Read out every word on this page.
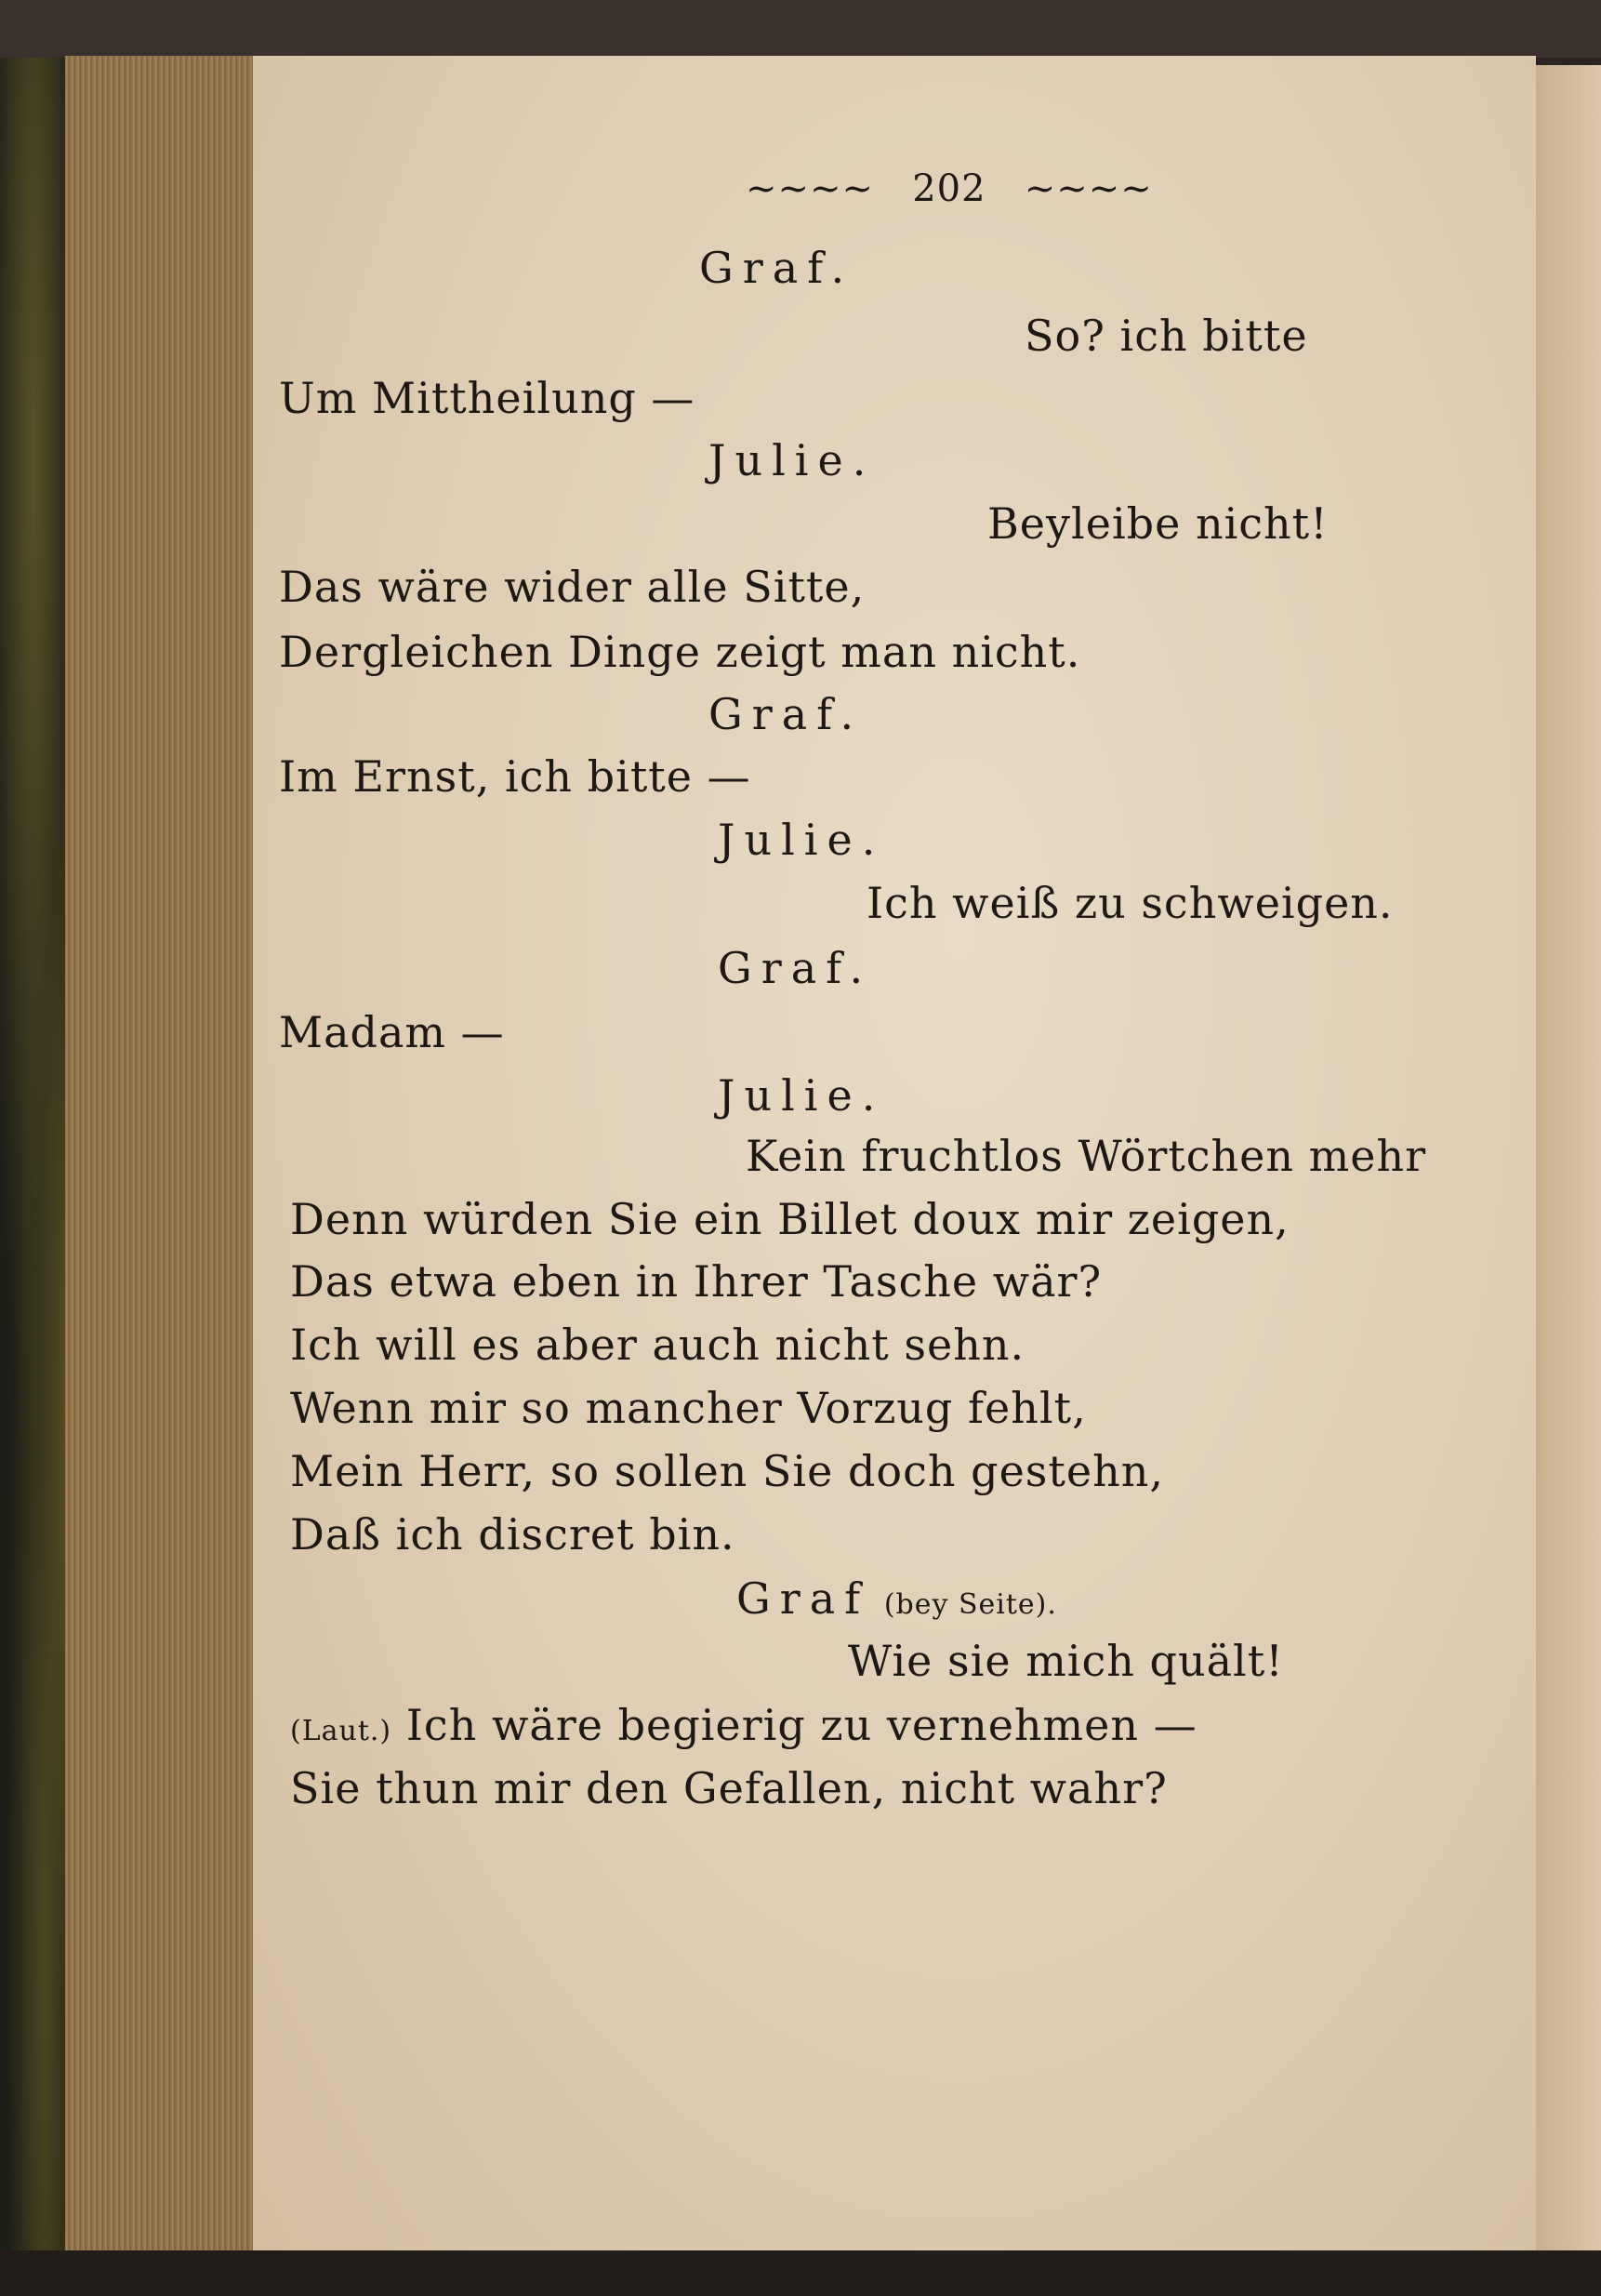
~~~~ 202 ~~~~

Graf.

So? ich bitte

Um Mittheilung —

Julie.

Beyleibe nicht!

Das wäre wider alle Sitte,

Dergleichen Dinge zeigt man nicht.

Graf.

Im Ernst, ich bitte —

Julie.

Ich weiß zu schweigen.

Graf.

Madam —

Julie.

Kein fruchtlos Wörtchen mehr

Denn würden Sie ein Billet doux mir zeigen,

Das etwa eben in Ihrer Tasche wär?

Ich will es aber auch nicht sehn.

Wenn mir so mancher Vorzug fehlt,

Mein Herr, so sollen Sie doch gestehn,

Daß ich discret bin.

Graf (bey Seite).

Wie sie mich quält!

(Laut.) Ich wäre begierig zu vernehmen —

Sie thun mir den Gefallen, nicht wahr?
